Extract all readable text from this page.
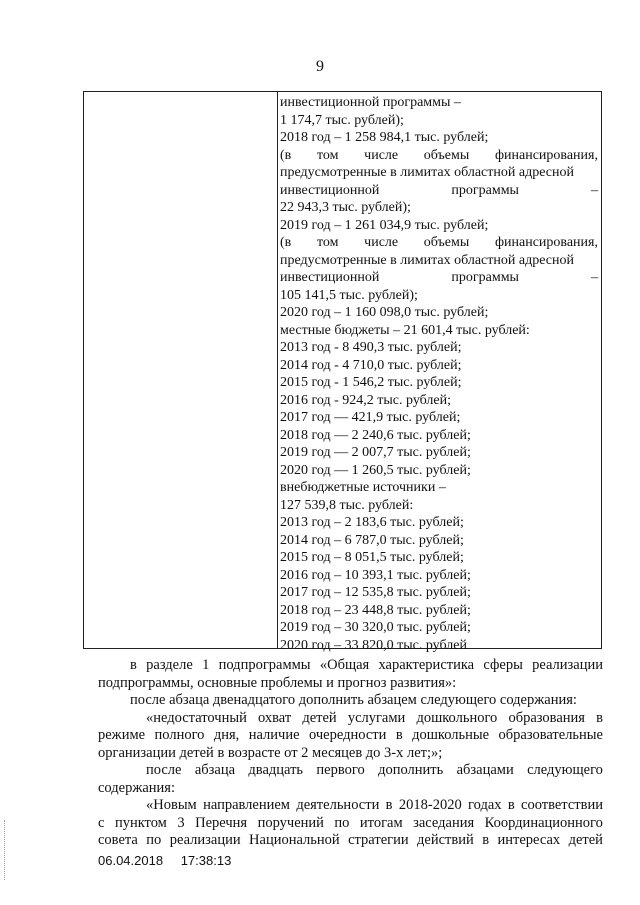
9
инвестиционной программы –
1 174,7 тыс. рублей);
2018 год – 1 258 984,1 тыс. рублей;
(в том числе объемы финансирования,
предусмотренные в лимитах областной адресной
инвестиционной	программы	–
22 943,3 тыс. рублей);
2019 год – 1 261 034,9 тыс. рублей;
(в том числе объемы финансирования,
предусмотренные в лимитах областной адресной
инвестиционной	программы	–
105 141,5 тыс. рублей);
2020 год – 1 160 098,0 тыс. рублей;
местные бюджеты – 21 601,4 тыс. рублей:
2013 год - 8 490,3 тыс. рублей;
2014 год - 4 710,0 тыс. рублей;
2015 год - 1 546,2 тыс. рублей;
2016 год - 924,2 тыс. рублей;
2017 год — 421,9 тыс. рублей;
2018 год — 2 240,6 тыс. рублей;
2019 год — 2 007,7 тыс. рублей;
2020 год — 1 260,5 тыс. рублей;
внебюджетные источники –
127 539,8 тыс. рублей:
2013 год – 2 183,6 тыс. рублей;
2014 год – 6 787,0 тыс. рублей;
2015 год – 8 051,5 тыс. рублей;
2016 год – 10 393,1 тыс. рублей;
2017 год – 12 535,8 тыс. рублей;
2018 год – 23 448,8 тыс. рублей;
2019 год – 30 320,0 тыс. рублей;
2020 год – 33 820,0 тыс. рублей
в разделе 1 подпрограммы «Общая характеристика сферы реализации
подпрограммы, основные проблемы и прогноз развития»:
после абзаца двенадцатого дополнить абзацем следующего содержания:
«недостаточный охват детей услугами дошкольного образования в
режиме полного дня, наличие очередности в дошкольные образовательные
организации детей в возрасте от 2 месяцев до 3-х лет;»;
после абзаца двадцать первого дополнить абзацами следующего
содержания:
«Новым направлением деятельности в 2018-2020 годах в соответствии
с пунктом 3 Перечня поручений по итогам заседания Координационного
совета по реализации Национальной стратегии действий в интересах детей
06.04.2018 17:38:13
